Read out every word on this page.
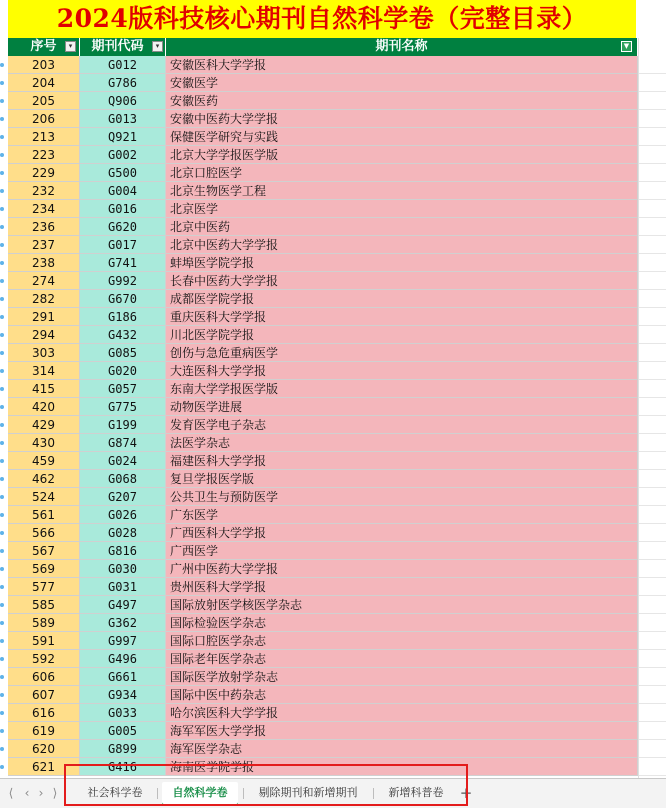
2024版科技核心期刊自然科学卷（完整目录）
序号	▾	期刊代码	▾	期刊名称	▼
203	G012	安徽医科大学学报
204	G786	安徽医学
205	Q906	安徽医药
206	G013	安徽中医药大学学报
213	Q921	保健医学研究与实践
223	G002	北京大学学报医学版
229	G500	北京口腔医学
232	G004	北京生物医学工程
234	G016	北京医学
236	G620	北京中医药
237	G017	北京中医药大学学报
238	G741	蚌埠医学院学报
274	G992	长春中医药大学学报
282	G670	成都医学院学报
291	G186	重庆医科大学学报
294	G432	川北医学院学报
303	G085	创伤与急危重病医学
314	G020	大连医科大学学报
415	G057	东南大学学报医学版
420	G775	动物医学进展
429	G199	发育医学电子杂志
430	G874	法医学杂志
459	G024	福建医科大学学报
462	G068	复旦学报医学版
524	G207	公共卫生与预防医学
561	G026	广东医学
566	G028	广西医科大学学报
567	G816	广西医学
569	G030	广州中医药大学学报
577	G031	贵州医科大学学报
585	G497	国际放射医学核医学杂志
589	G362	国际检验医学杂志
591	G997	国际口腔医学杂志
592	G496	国际老年医学杂志
606	G661	国际医学放射学杂志
607	G934	国际中医中药杂志
616	G033	哈尔滨医科大学学报
619	G005	海军军医大学学报
620	G899	海军医学杂志
621	G416	海南医学院学报
⟨ ‹ › ⟩	社会科学卷	自然科学卷	剔除期刊和新增期刊	新增科普卷	+
